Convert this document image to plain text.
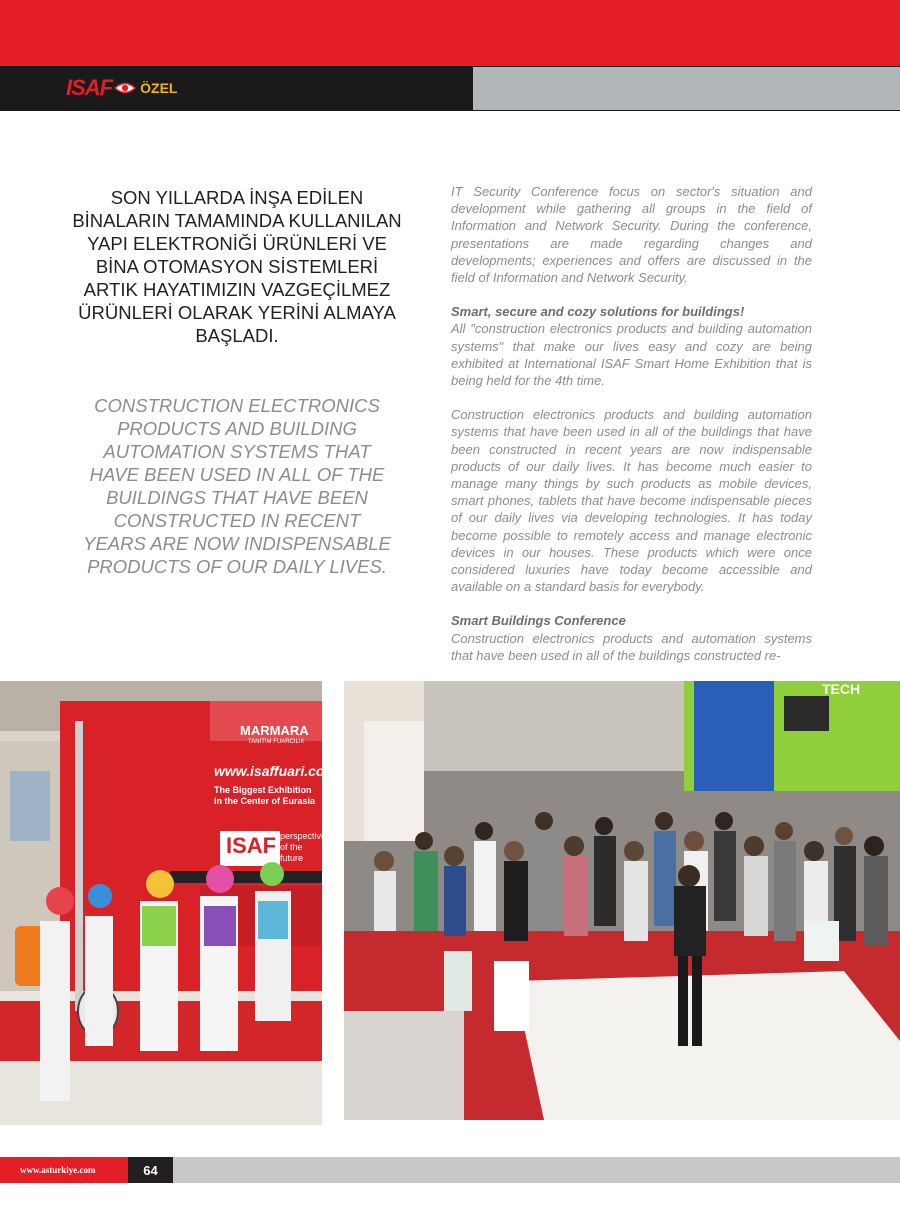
ISAF ÖZEL
SON YILLARDA İNŞA EDİLEN
BİNALARIN TAMAMINDA KULLANILAN
YAPI ELEKTRONİĞİ ÜRÜNLERİ VE
BİNA OTOMASYON SİSTEMLERİ
ARTIK HAYATIMIZIN VAZGEÇİLMEZ
ÜRÜNLERİ OLARAK YERİNİ ALMAYA
BAŞLADI.
CONSTRUCTION ELECTRONICS
PRODUCTS AND BUILDING
AUTOMATION SYSTEMS THAT
HAVE BEEN USED IN ALL OF THE
BUILDINGS THAT HAVE BEEN
CONSTRUCTED IN RECENT
YEARS ARE NOW INDISPENSABLE
PRODUCTS OF OUR DAILY LIVES.

IT Security Conference focus on sector's situation and development while gathering all groups in the field of Information and Network Security. During the conference, presentations are made regarding changes and developments; experiences and offers are discussed in the field of Information and Network Security.

Smart, secure and cozy solutions for buildings!
All "construction electronics products and building automation systems" that make our lives easy and cozy are being exhibited at International ISAF Smart Home Exhibition that is being held for the 4th time.

Construction electronics products and building automation systems that have been used in all of the buildings that have been constructed in recent years are now indispensable products of our daily lives. It has become much easier to manage many things by such products as mobile devices, smart phones, tablets that have become indispensable pieces of our daily lives via developing technologies. It has today become possible to remotely access and manage electronic devices in our houses. These products which were once considered luxuries have today become accessible and available on a standard basis for everybody.

Smart Buildings Conference
Construction electronics products and automation systems that have been used in all of the buildings constructed re-

MARMARA
TANITIM FUARCILIK
www.isaffuari.com
The Biggest Exhibition
in the Center of Eurasia
ISAF perspective of the future
TECH
www.asturkiye.com	64
